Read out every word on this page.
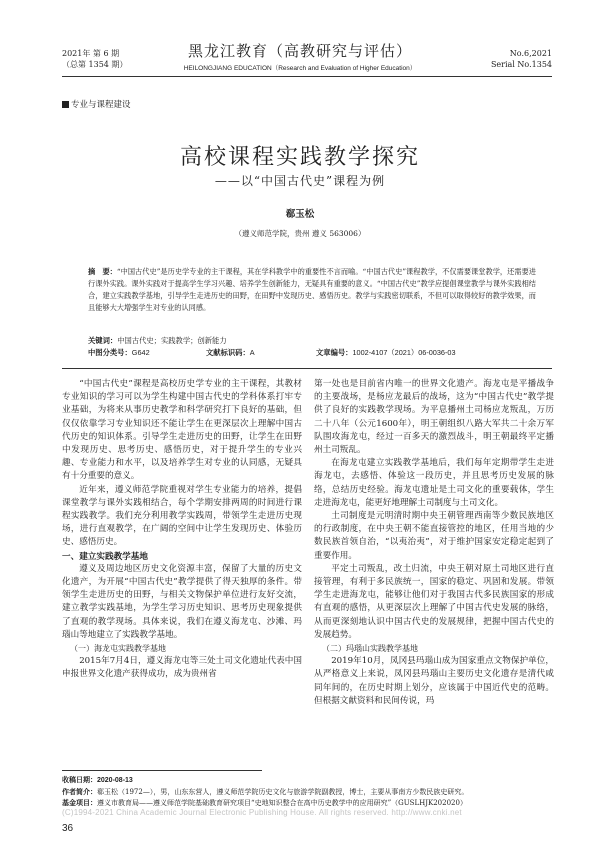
2021年 第 6 期
（总第 1354 期）
黑龙江教育（高教研究与评估）
HEILONGJIANG EDUCATION（Research and Evaluation of Higher Education）
No.6,2021
Serial No.1354
专业与课程建设
高校课程实践教学探究
——以“中国古代史”课程为例
郗玉松
（遵义师范学院，贵州 遵义 563006）
摘　要：“中国古代史”是历史学专业的主干课程，其在学科教学中的重要性不言而喻。“中国古代史”课程教学，不仅需要课堂教学，还需要进行课外实践。课外实践对于提高学生学习兴趣、培养学生创新能力，无疑具有重要的意义。“中国古代史”教学应提倡课堂教学与课外实践相结合，建立实践教学基地，引导学生走进历史的田野，在田野中发现历史、感悟历史。教学与实践密切联系，不但可以取得较好的教学效果，而且能够大大增强学生对专业的认同感。
关键词：中国古代史；实践教学；创新能力
中图分类号：G642	文献标识码：A	文章编号：1002-4107（2021）06-0036-03

“中国古代史”课程是高校历史学专业的主干课程，其教材专业知识的学习可以为学生构建中国古代史的学科体系打牢专业基础，为将来从事历史教学和科学研究打下良好的基础，但仅仅依靠学习专业知识还不能让学生在更深层次上理解中国古代历史的知识体系。引导学生走进历史的田野，让学生在田野中发现历史、思考历史、感悟历史，对于提升学生的专业兴趣、专业能力和水平，以及培养学生对专业的认同感，无疑具有十分重要的意义。

近年来，遵义师范学院重视对学生专业能力的培养，提倡课堂教学与课外实践相结合，每个学期安排两周的时间进行课程实践教学。我们充分利用教学实践周，带领学生走进历史现场，进行直观教学，在广阔的空间中让学生发现历史、体验历史、感悟历史。

一、建立实践教学基地

遵义及周边地区历史文化资源丰富，保留了大量的历史文化遗产，为开展“中国古代史”教学提供了得天独厚的条件。带领学生走进历史的田野，与相关文物保护单位进行友好交流，建立教学实践基地，为学生学习历史知识、思考历史现象提供了直观的教学现场。具体来说，我们在遵义海龙屯、沙滩、玛瑙山等地建立了实践教学基地。

（一）海龙屯实践教学基地

2015年7月4日，遵义海龙屯等三处土司文化遗址代表中国申报世界文化遗产获得成功，成为贵州省

第一处也是目前省内唯一的世界文化遗产。海龙屯是平播战争的主要战场，是杨应龙最后的战场，这为“中国古代史”教学提供了良好的实践教学现场。为平息播州土司杨应龙叛乱，万历二十八年（公元1600年），明王朝组织八路大军共二十余万军队围攻海龙屯，经过一百多天的激烈战斗，明王朝最终平定播州土司叛乱。

在海龙屯建立实践教学基地后，我们每年定期带学生走进海龙屯，去感悟、体验这一段历史，并且思考历史发展的脉络，总结历史经验。海龙屯遗址是土司文化的重要载体，学生走进海龙屯，能更好地理解土司制度与土司文化。

土司制度是元明清时期中央王朝管理西南等少数民族地区的行政制度，在中央王朝不能直接管控的地区，任用当地的少数民族首领自治，“以夷治夷”，对于维护国家安定稳定起到了重要作用。

平定土司叛乱，改土归流，中央王朝对原土司地区进行直接管理，有利于多民族统一，国家的稳定、巩固和发展。带领学生走进海龙屯，能够让他们对于我国古代多民族国家的形成有直观的感悟，从更深层次上理解了中国古代史发展的脉络，从而更深刻地认识中国古代史的发展规律，把握中国古代史的发展趋势。

（二）玛瑙山实践教学基地

2019年10月，凤冈县玛瑙山成为国家重点文物保护单位，从严格意义上来说，凤冈县玛瑙山主要历史文化遗存是清代咸同年间的，在历史时期上划分，应该属于中国近代史的范畴。但根据文献资料和民间传说，玛

收稿日期：2020-08-13
作者简介：郗玉松（1972—），男，山东东营人，遵义师范学院历史文化与旅游学院副教授，博士，主要从事南方少数民族史研究。
基金项目：遵义市教育局——遵义师范学院基础教育研究项目“史地知识整合在高中历史教学中的应用研究”（GUSLHJK202020）
(C)1994-2021 China Academic Journal Electronic Publishing House. All rights reserved. http://www.cnki.net
36
